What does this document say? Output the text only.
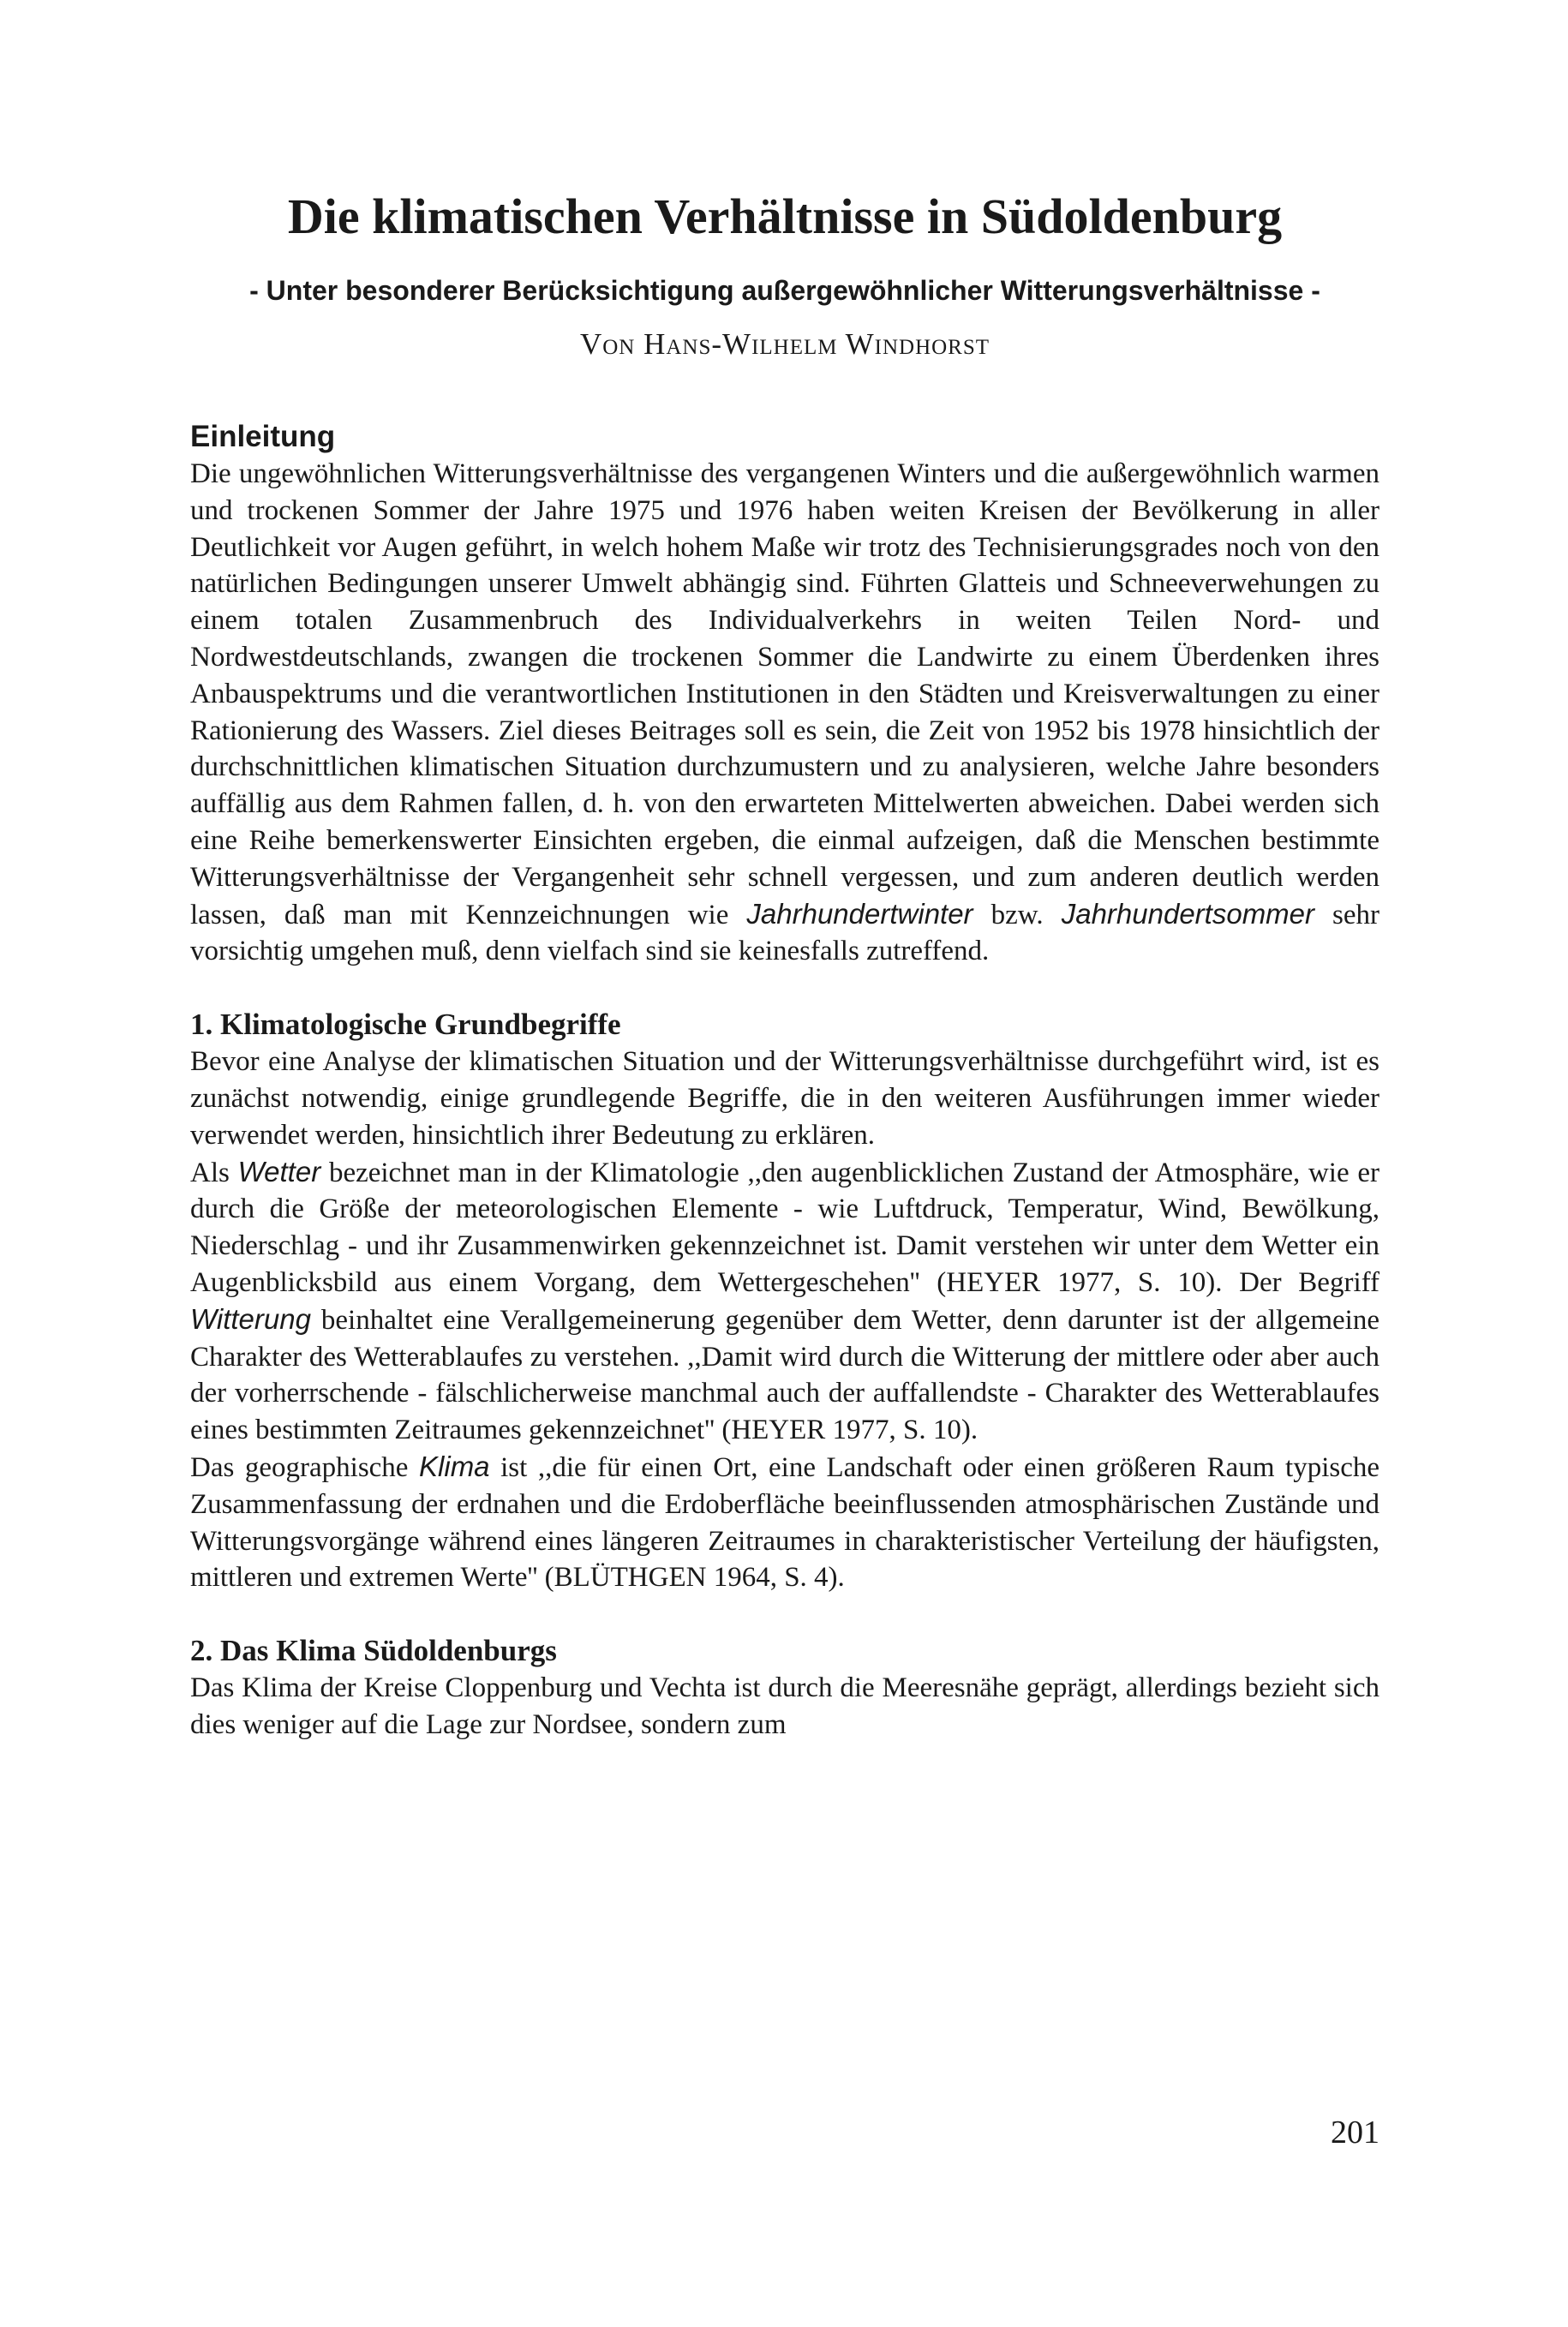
Die klimatischen Verhältnisse in Südoldenburg

- Unter besonderer Berücksichtigung außergewöhnlicher Witterungsverhältnisse -

Von Hans-Wilhelm Windhorst

Einleitung

Die ungewöhnlichen Witterungsverhältnisse des vergangenen Winters und die außergewöhnlich warmen und trockenen Sommer der Jahre 1975 und 1976 haben weiten Kreisen der Bevölkerung in aller Deutlichkeit vor Augen geführt, in welch hohem Maße wir trotz des Technisierungsgrades noch von den natürlichen Bedingungen unserer Umwelt abhängig sind. Führten Glatteis und Schneeverwehungen zu einem totalen Zusammenbruch des Individualverkehrs in weiten Teilen Nord- und Nordwestdeutschlands, zwangen die trockenen Sommer die Landwirte zu einem Überdenken ihres Anbauspektrums und die verantwortlichen Institutionen in den Städten und Kreisverwaltungen zu einer Rationierung des Wassers. Ziel dieses Beitrages soll es sein, die Zeit von 1952 bis 1978 hinsichtlich der durchschnittlichen klimatischen Situation durchzumustern und zu analysieren, welche Jahre besonders auffällig aus dem Rahmen fallen, d. h. von den erwarteten Mittelwerten abweichen. Dabei werden sich eine Reihe bemerkenswerter Einsichten ergeben, die einmal aufzeigen, daß die Menschen bestimmte Witterungsverhältnisse der Vergangenheit sehr schnell vergessen, und zum anderen deutlich werden lassen, daß man mit Kennzeichnungen wie Jahrhundertwinter bzw. Jahrhundertsommer sehr vorsichtig umgehen muß, denn vielfach sind sie keinesfalls zutreffend.

1. Klimatologische Grundbegriffe

Bevor eine Analyse der klimatischen Situation und der Witterungsverhältnisse durchgeführt wird, ist es zunächst notwendig, einige grundlegende Begriffe, die in den weiteren Ausführungen immer wieder verwendet werden, hinsichtlich ihrer Bedeutung zu erklären.

Als Wetter bezeichnet man in der Klimatologie ,,den augenblicklichen Zustand der Atmosphäre, wie er durch die Größe der meteorologischen Elemente - wie Luftdruck, Temperatur, Wind, Bewölkung, Niederschlag - und ihr Zusammenwirken gekennzeichnet ist. Damit verstehen wir unter dem Wetter ein Augenblicksbild aus einem Vorgang, dem Wettergeschehen'' (HEYER 1977, S. 10). Der Begriff Witterung beinhaltet eine Verallgemeinerung gegenüber dem Wetter, denn darunter ist der allgemeine Charakter des Wetterablaufes zu verstehen. ,,Damit wird durch die Witterung der mittlere oder aber auch der vorherrschende - fälschlicherweise manchmal auch der auffallendste - Charakter des Wetterablaufes eines bestimmten Zeitraumes gekennzeichnet'' (HEYER 1977, S. 10).

Das geographische Klima ist ,,die für einen Ort, eine Landschaft oder einen größeren Raum typische Zusammenfassung der erdnahen und die Erdoberfläche beeinflussenden atmosphärischen Zustände und Witterungsvorgänge während eines längeren Zeitraumes in charakteristischer Verteilung der häufigsten, mittleren und extremen Werte'' (BLÜTHGEN 1964, S. 4).

2. Das Klima Südoldenburgs

Das Klima der Kreise Cloppenburg und Vechta ist durch die Meeresnähe geprägt, allerdings bezieht sich dies weniger auf die Lage zur Nordsee, sondern zum

201
